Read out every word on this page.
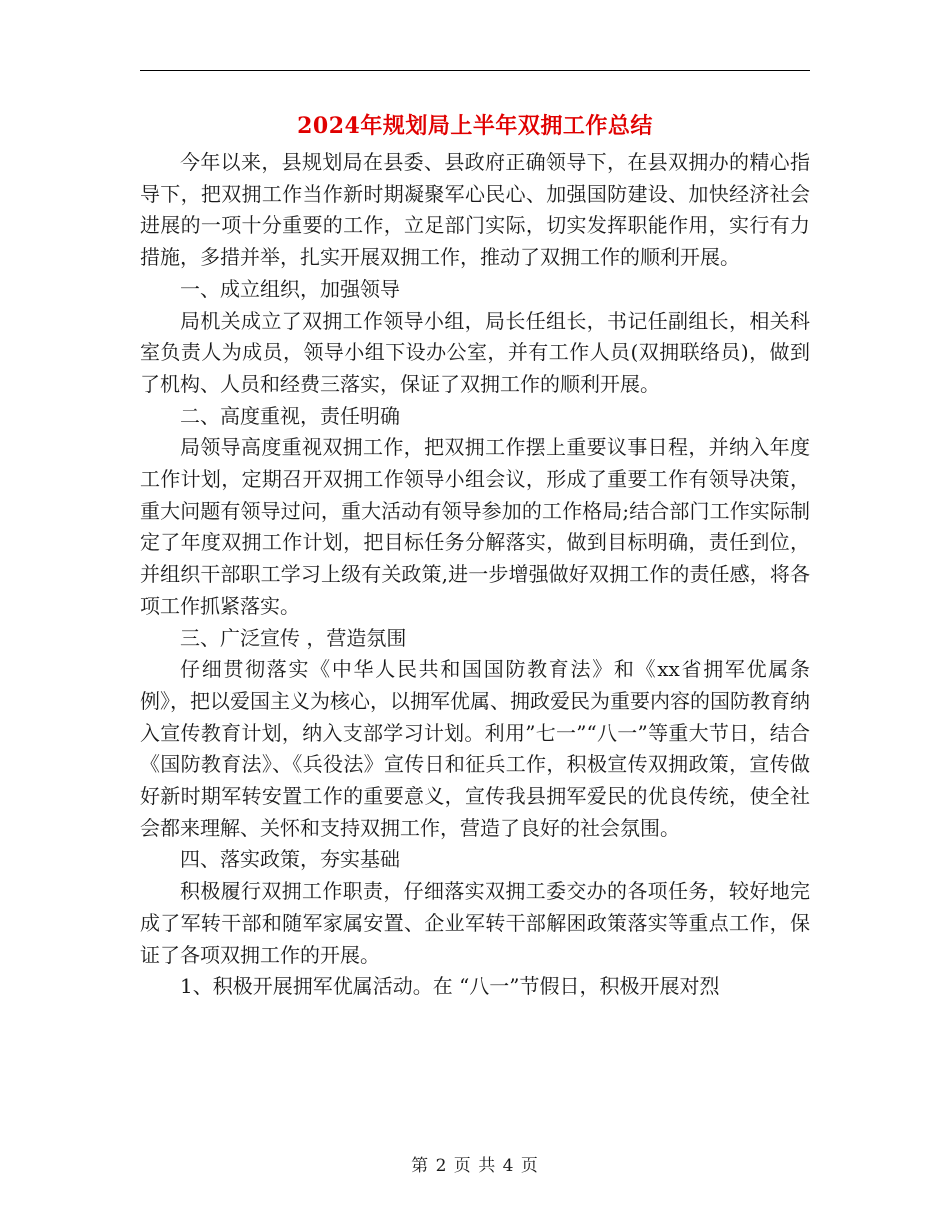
2024年规划局上半年双拥工作总结

今年以来，县规划局在县委、县政府正确领导下，在县双拥办的精心指导下，把双拥工作当作新时期凝聚军心民心、加强国防建设、加快经济社会进展的一项十分重要的工作，立足部门实际，切实发挥职能作用，实行有力措施，多措并举，扎实开展双拥工作，推动了双拥工作的顺利开展。

一、成立组织，加强领导

局机关成立了双拥工作领导小组，局长任组长，书记任副组长，相关科室负责人为成员，领导小组下设办公室，并有工作人员(双拥联络员)，做到了机构、人员和经费三落实，保证了双拥工作的顺利开展。

二、高度重视，责任明确

局领导高度重视双拥工作，把双拥工作摆上重要议事日程，并纳入年度工作计划，定期召开双拥工作领导小组会议，形成了重要工作有领导决策，重大问题有领导过问，重大活动有领导参加的工作格局;结合部门工作实际制定了年度双拥工作计划，把目标任务分解落实，做到目标明确，责任到位，并组织干部职工学习上级有关政策,进一步增强做好双拥工作的责任感，将各项工作抓紧落实。

三、广泛宣传 ，营造氛围

仔细贯彻落实《中华人民共和国国防教育法》和《xx省拥军优属条例》，把以爱国主义为核心，以拥军优属、拥政爱民为重要内容的国防教育纳入宣传教育计划，纳入支部学习计划。利用”七一”“八一”等重大节日，结合《国防教育法》、《兵役法》宣传日和征兵工作，积极宣传双拥政策，宣传做好新时期军转安置工作的重要意义，宣传我县拥军爱民的优良传统，使全社会都来理解、关怀和支持双拥工作，营造了良好的社会氛围。

四、落实政策，夯实基础

积极履行双拥工作职责，仔细落实双拥工委交办的各项任务，较好地完成了军转干部和随军家属安置、企业军转干部解困政策落实等重点工作，保证了各项双拥工作的开展。

1、积极开展拥军优属活动。在 “八一”节假日，积极开展对烈

第 2 页 共 4 页
